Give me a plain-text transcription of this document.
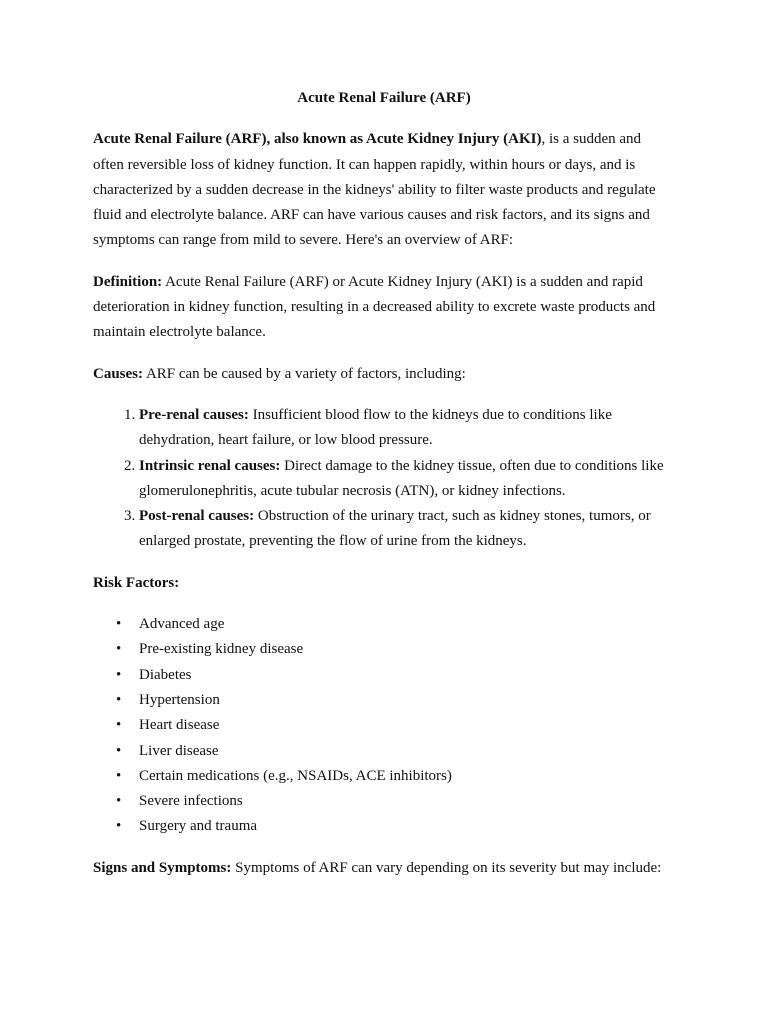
Acute Renal Failure (ARF)

Acute Renal Failure (ARF), also known as Acute Kidney Injury (AKI), is a sudden and often reversible loss of kidney function. It can happen rapidly, within hours or days, and is characterized by a sudden decrease in the kidneys' ability to filter waste products and regulate fluid and electrolyte balance. ARF can have various causes and risk factors, and its signs and symptoms can range from mild to severe. Here's an overview of ARF:

Definition: Acute Renal Failure (ARF) or Acute Kidney Injury (AKI) is a sudden and rapid deterioration in kidney function, resulting in a decreased ability to excrete waste products and maintain electrolyte balance.

Causes: ARF can be caused by a variety of factors, including:

1. Pre-renal causes: Insufficient blood flow to the kidneys due to conditions like dehydration, heart failure, or low blood pressure.
2. Intrinsic renal causes: Direct damage to the kidney tissue, often due to conditions like glomerulonephritis, acute tubular necrosis (ATN), or kidney infections.
3. Post-renal causes: Obstruction of the urinary tract, such as kidney stones, tumors, or enlarged prostate, preventing the flow of urine from the kidneys.

Risk Factors:

• Advanced age
• Pre-existing kidney disease
• Diabetes
• Hypertension
• Heart disease
• Liver disease
• Certain medications (e.g., NSAIDs, ACE inhibitors)
• Severe infections
• Surgery and trauma

Signs and Symptoms: Symptoms of ARF can vary depending on its severity but may include:
